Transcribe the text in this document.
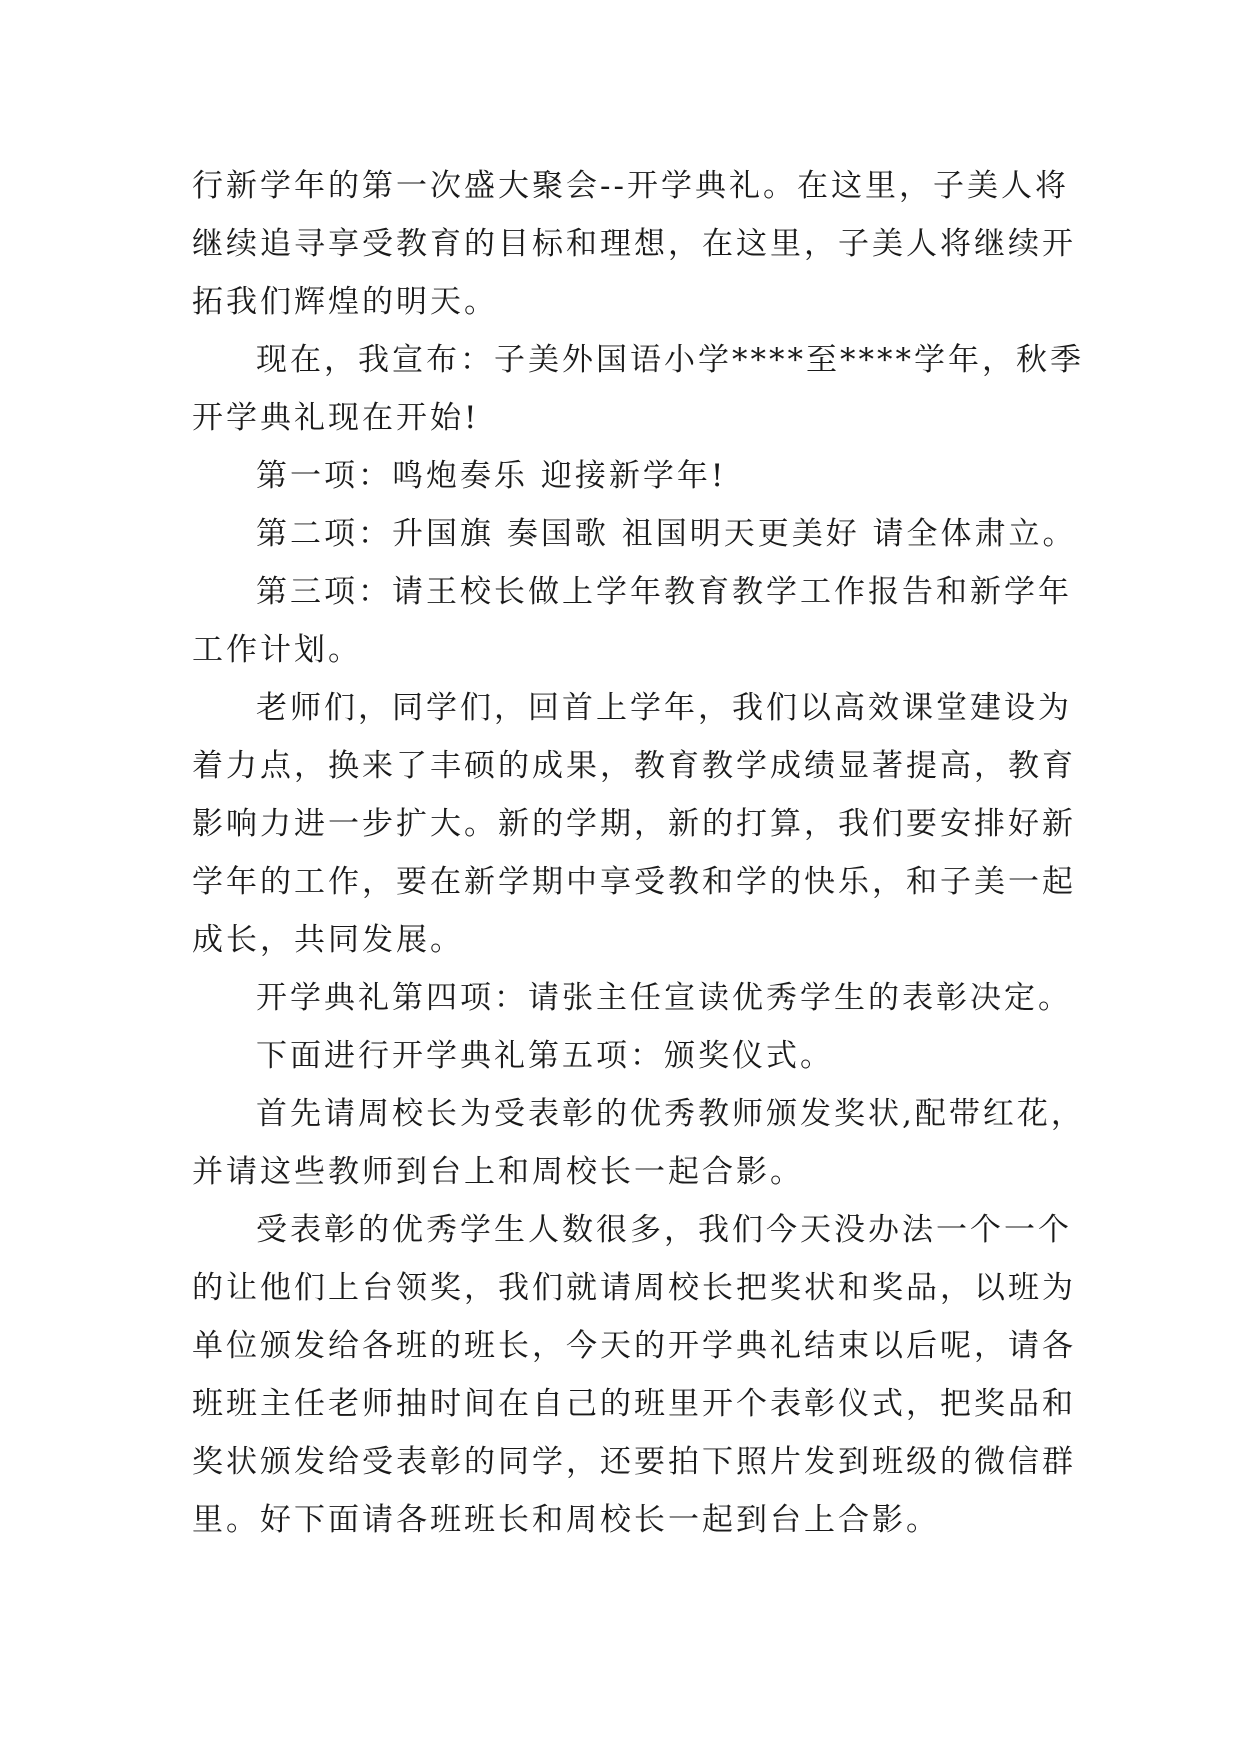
行新学年的第一次盛大聚会--开学典礼。在这里，子美人将

继续追寻享受教育的目标和理想，在这里，子美人将继续开

拓我们辉煌的明天。

现在，我宣布：子美外国语小学****至****学年，秋季

开学典礼现在开始!

第一项：鸣炮奏乐 迎接新学年!

第二项：升国旗 奏国歌 祖国明天更美好 请全体肃立。

第三项：请王校长做上学年教育教学工作报告和新学年

工作计划。

老师们，同学们，回首上学年，我们以高效课堂建设为

着力点，换来了丰硕的成果，教育教学成绩显著提高，教育

影响力进一步扩大。新的学期，新的打算，我们要安排好新

学年的工作，要在新学期中享受教和学的快乐，和子美一起

成长，共同发展。

开学典礼第四项：请张主任宣读优秀学生的表彰决定。

下面进行开学典礼第五项：颁奖仪式。

首先请周校长为受表彰的优秀教师颁发奖状,配带红花，

并请这些教师到台上和周校长一起合影。

受表彰的优秀学生人数很多，我们今天没办法一个一个

的让他们上台领奖，我们就请周校长把奖状和奖品，以班为

单位颁发给各班的班长，今天的开学典礼结束以后呢，请各

班班主任老师抽时间在自己的班里开个表彰仪式，把奖品和

奖状颁发给受表彰的同学，还要拍下照片发到班级的微信群

里。好下面请各班班长和周校长一起到台上合影。
